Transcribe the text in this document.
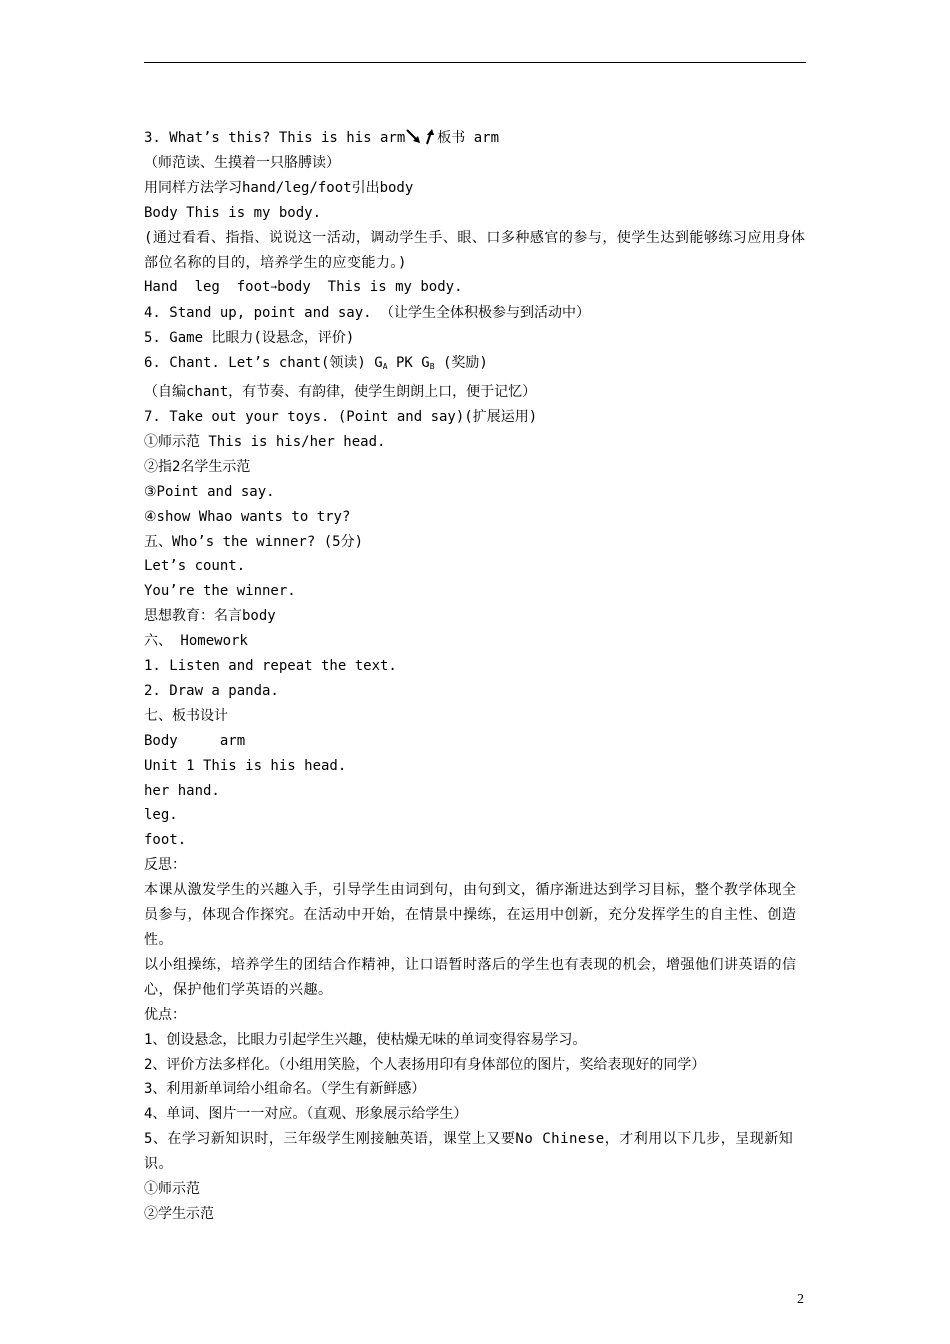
3. What’s this? This is his arm 板书 arm
（师范读、生摸着一只胳膊读）
用同样方法学习hand/leg/foot引出body
Body This is my body.
(通过看看、指指、说说这一活动，调动学生手、眼、口多种感官的参与，使学生达到能够练习应用身体部位名称的目的，培养学生的应变能力。)
Hand  leg  foot➞body  This is my body.
4. Stand up, point and say. （让学生全体积极参与到活动中）
5. Game 比眼力(设悬念，评价)
6. Chant. Let’s chant(领读) $G_A$ PK $G_B$ (奖励)
（自编chant，有节奏、有韵律，使学生朗朗上口，便于记忆）
7. Take out your toys. (Point and say)(扩展运用)
①师示范 This is his/her head.
②指2名学生示范
③Point and say.
④show Whao wants to try?
五、Who’s the winner? (5分)
Let’s count.
You’re the winner.
思想教育：名言body
六、 Homework
1. Listen and repeat the text.
2. Draw a panda.
七、板书设计
Body     arm
Unit 1 This is his head.
her hand.
leg.
foot.
反思：
本课从激发学生的兴趣入手，引导学生由词到句，由句到文，循序渐进达到学习目标，整个教学体现全员参与，体现合作探究。在活动中开始，在情景中操练，在运用中创新，充分发挥学生的自主性、创造性。
以小组操练，培养学生的团结合作精神，让口语暂时落后的学生也有表现的机会，增强他们讲英语的信心，保护他们学英语的兴趣。
优点：
1、创设悬念，比眼力引起学生兴趣，使枯燥无味的单词变得容易学习。
2、评价方法多样化。（小组用笑脸，个人表扬用印有身体部位的图片，奖给表现好的同学）
3、利用新单词给小组命名。（学生有新鲜感）
4、单词、图片一一对应。（直观、形象展示给学生）
5、在学习新知识时，三年级学生刚接触英语，课堂上又要No Chinese，才利用以下几步，呈现新知识。
①师示范
②学生示范
2
